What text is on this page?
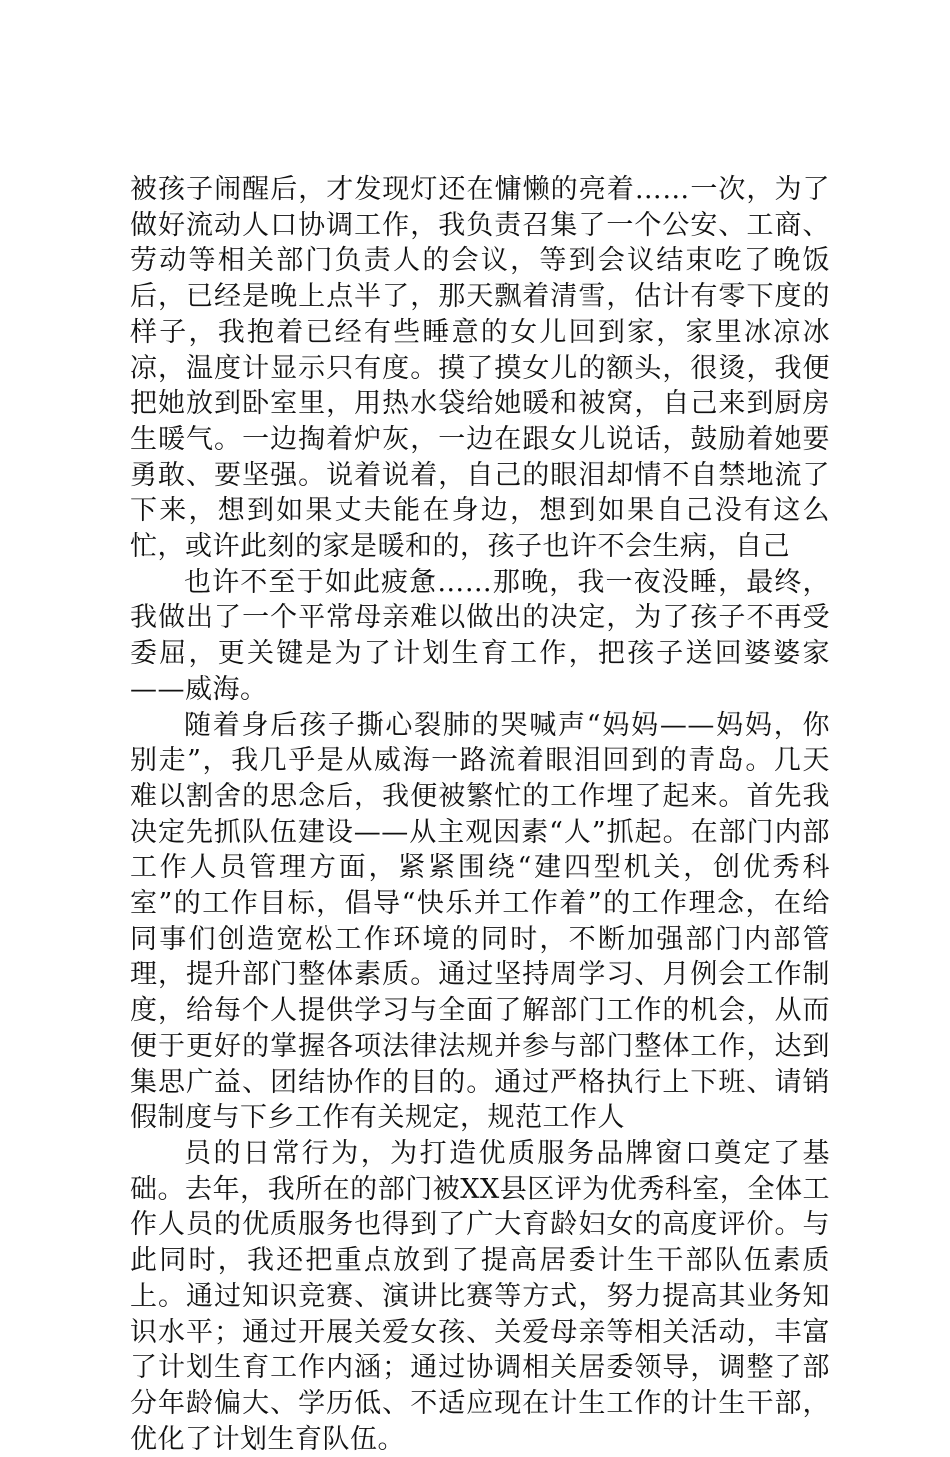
被孩子闹醒后，才发现灯还在慵懒的亮着……一次，为了做好流动人口协调工作，我负责召集了一个公安、工商、劳动等相关部门负责人的会议，等到会议结束吃了晚饭后，已经是晚上点半了，那天飘着清雪，估计有零下度的样子，我抱着已经有些睡意的女儿回到家，家里冰凉冰凉，温度计显示只有度。摸了摸女儿的额头，很烫，我便把她放到卧室里，用热水袋给她暖和被窝，自己来到厨房生暖气。一边掏着炉灰，一边在跟女儿说话，鼓励着她要勇敢、要坚强。说着说着，自己的眼泪却情不自禁地流了下来，想到如果丈夫能在身边，想到如果自己没有这么忙，或许此刻的家是暖和的，孩子也许不会生病，自己

也许不至于如此疲惫……那晚，我一夜没睡，最终，我做出了一个平常母亲难以做出的决定，为了孩子不再受委屈，更关键是为了计划生育工作，把孩子送回婆婆家——威海。

随着身后孩子撕心裂肺的哭喊声“妈妈——妈妈，你别走”，我几乎是从威海一路流着眼泪回到的青岛。几天难以割舍的思念后，我便被繁忙的工作埋了起来。首先我决定先抓队伍建设——从主观因素“人”抓起。在部门内部工作人员管理方面，紧紧围绕“建四型机关，创优秀科室”的工作目标，倡导“快乐并工作着”的工作理念，在给同事们创造宽松工作环境的同时，不断加强部门内部管理，提升部门整体素质。通过坚持周学习、月例会工作制度，给每个人提供学习与全面了解部门工作的机会，从而便于更好的掌握各项法律法规并参与部门整体工作，达到集思广益、团结协作的目的。通过严格执行上下班、请销假制度与下乡工作有关规定，规范工作人

员的日常行为，为打造优质服务品牌窗口奠定了基础。去年，我所在的部门被XX县区评为优秀科室，全体工作人员的优质服务也得到了广大育龄妇女的高度评价。与此同时，我还把重点放到了提高居委计生干部队伍素质上。通过知识竞赛、演讲比赛等方式，努力提高其业务知识水平；通过开展关爱女孩、关爱母亲等相关活动，丰富了计划生育工作内涵；通过协调相关居委领导，调整了部分年龄偏大、学历低、不适应现在计生工作的计生干部，优化了计划生育队伍。
